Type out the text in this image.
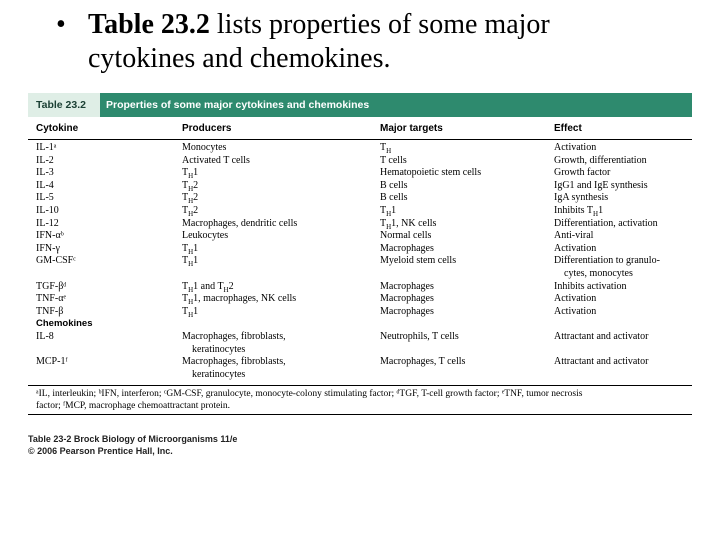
• Table 23.2 lists properties of some major
cytokines and chemokines.
Table 23.2	Properties of some major cytokines and chemokines
Cytokine	Producers	Major targets	Effect
IL-1ᵃ	Monocytes	$T_H$	Activation
IL-2	Activated T cells	T cells	Growth, differentiation
IL-3	$T_H1$	Hematopoietic stem cells	Growth factor
IL-4	$T_H2$	B cells	IgG1 and IgE synthesis
IL-5	$T_H2$	B cells	IgA synthesis
IL-10	$T_H2$	$T_H1$	Inhibits $T_H1$
IL-12	Macrophages, dendritic cells	$T_H1$, NK cells	Differentiation, activation
IFN-αᵇ	Leukocytes	Normal cells	Anti-viral
IFN-γ	$T_H1$	Macrophages	Activation
GM-CSFᶜ	$T_H1$	Myeloid stem cells	Differentiation to granulo-
cytes, monocytes
TGF-βᵈ	$T_H1$ and $T_H2$	Macrophages	Inhibits activation
TNF-αᵉ	$T_H1$, macrophages, NK cells	Macrophages	Activation
TNF-β	$T_H1$	Macrophages	Activation
Chemokines
IL-8	Macrophages, fibroblasts,	Neutrophils, T cells	Attractant and activator
keratinocytes
MCP-1ᶠ	Macrophages, fibroblasts,	Macrophages, T cells	Attractant and activator
keratinocytes
ᵃIL, interleukin; ᵇIFN, interferon; ᶜGM-CSF, granulocyte, monocyte-colony stimulating factor; ᵈTGF, T-cell growth factor; ᵉTNF, tumor necrosis
factor; ᶠMCP, macrophage chemoattractant protein.
Table 23-2 Brock Biology of Microorganisms 11/e
© 2006 Pearson Prentice Hall, Inc.
